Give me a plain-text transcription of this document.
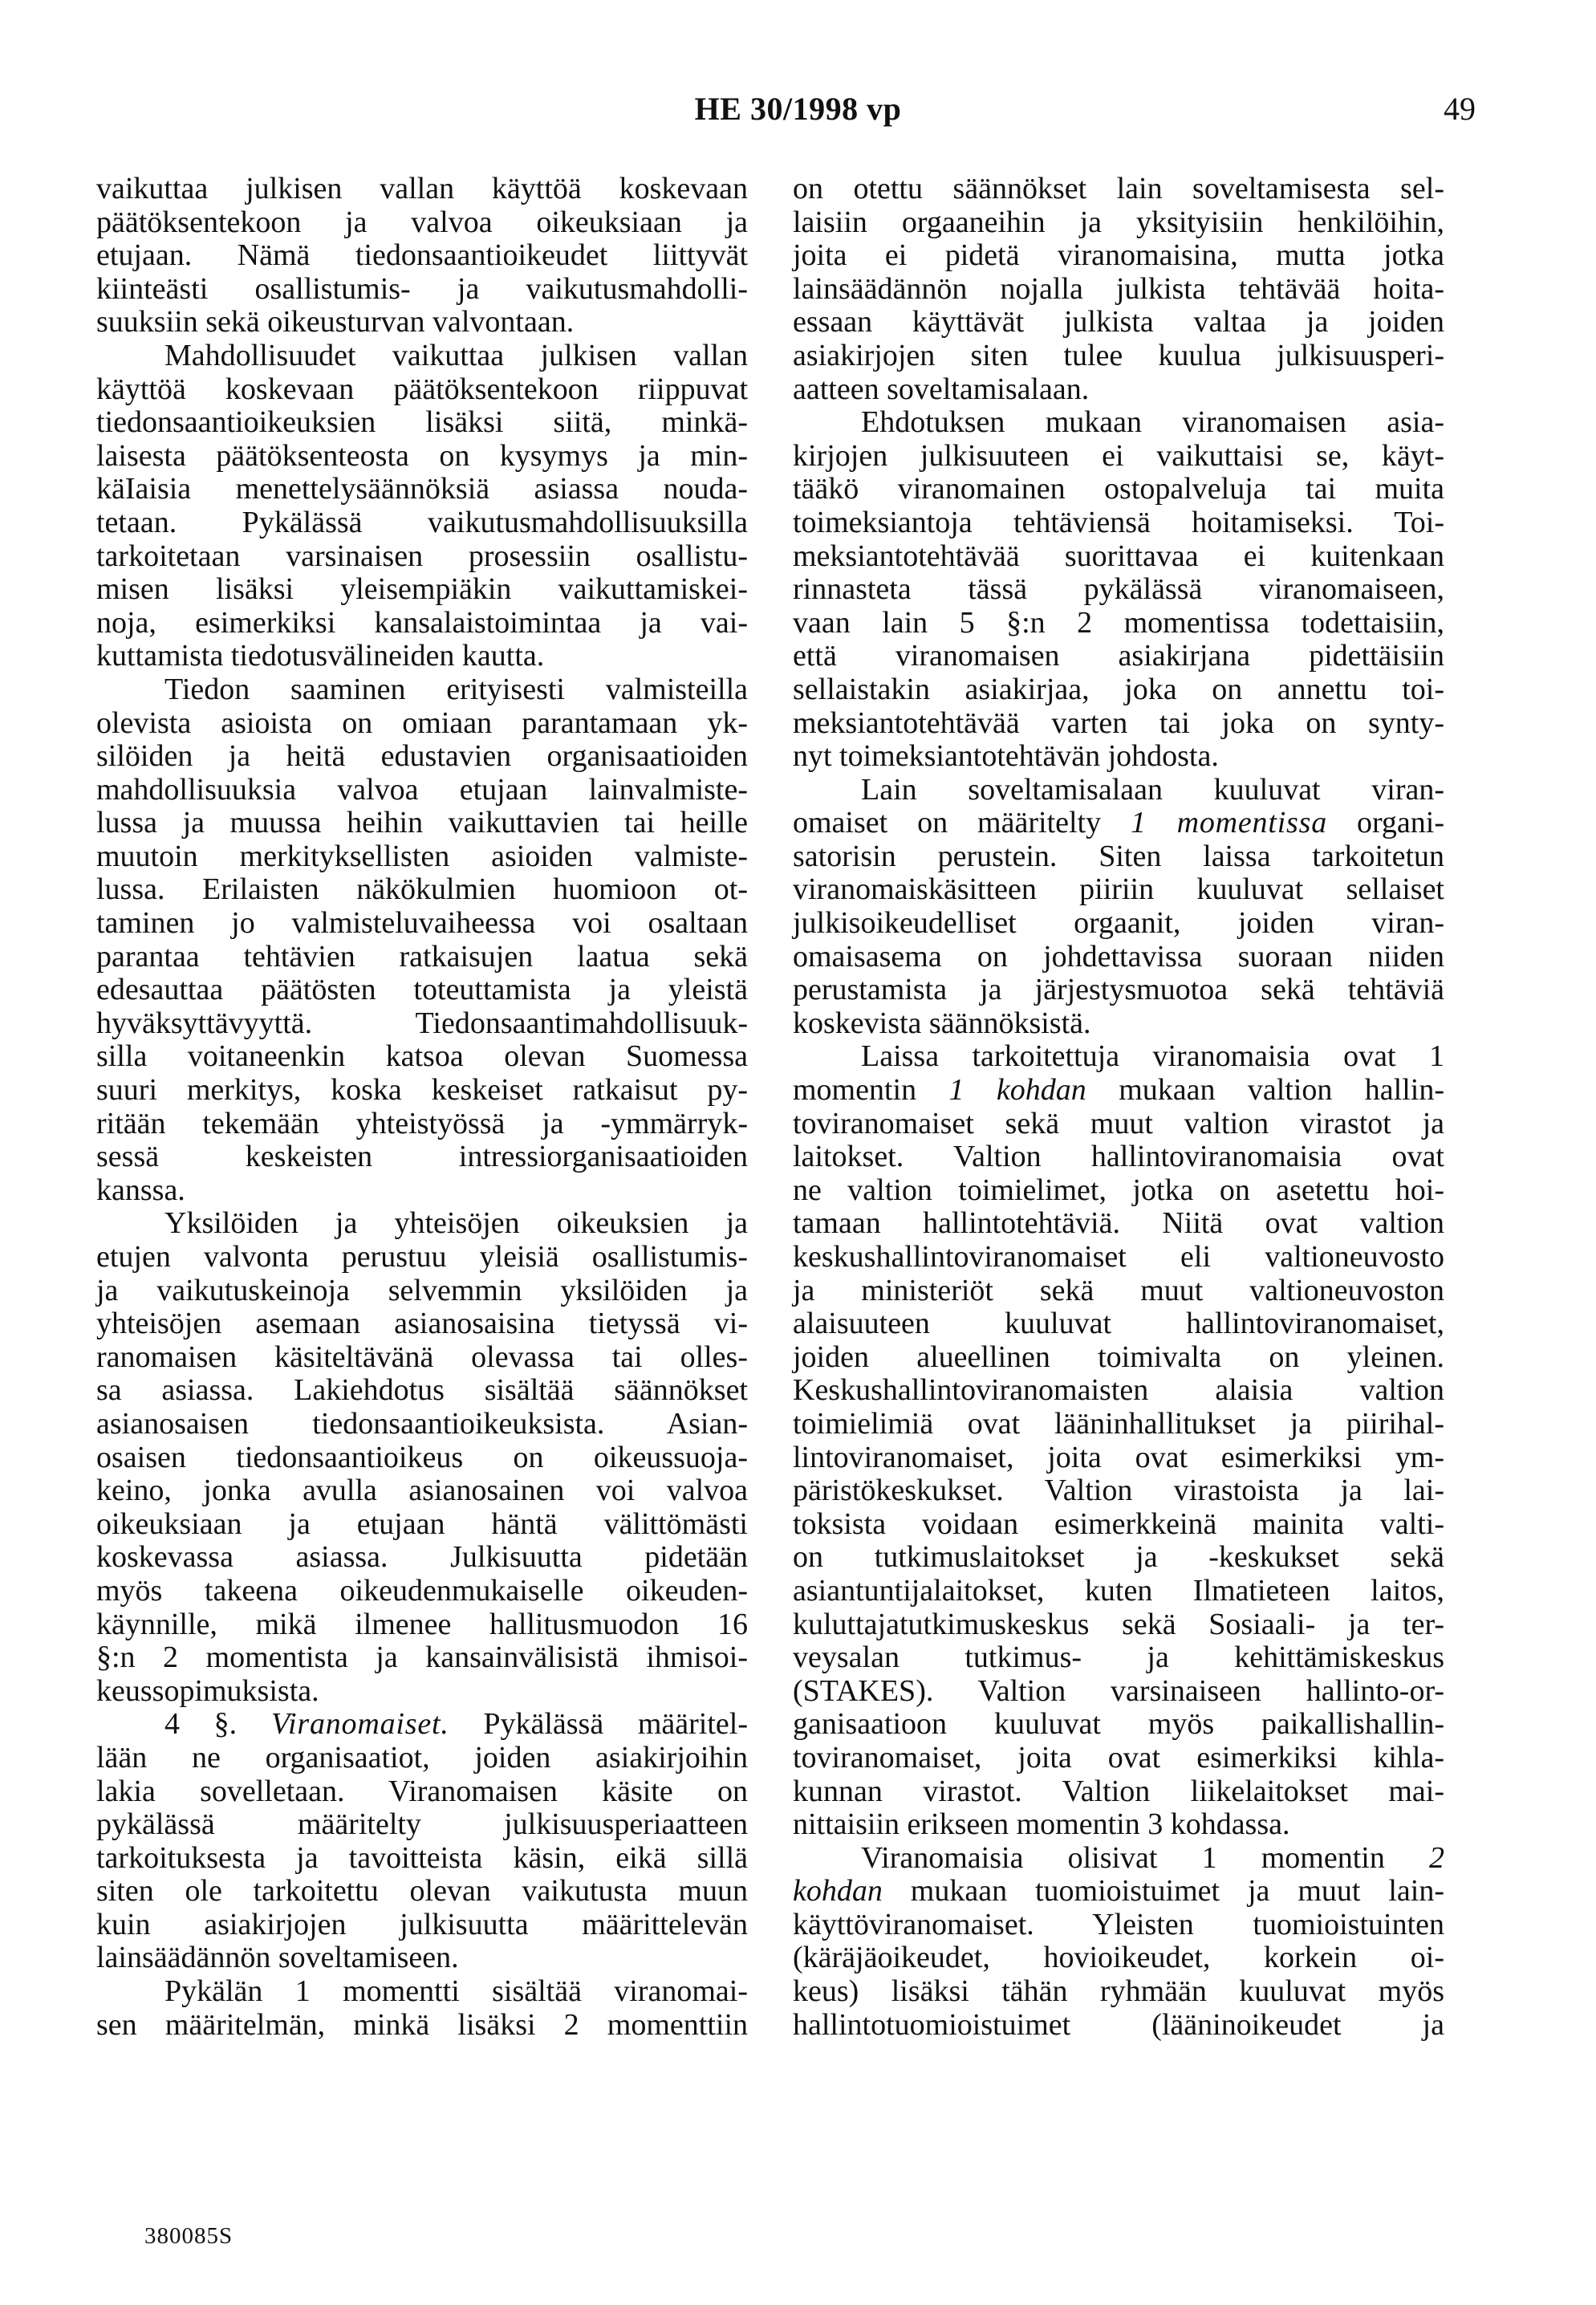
HE 30/1998 vp	49

vaikuttaa julkisen vallan käyttöä koskevaan

päätöksentekoon ja valvoa oikeuksiaan ja

etujaan. Nämä tiedonsaantioikeudet liittyvät

kiinteästi osallistumis- ja vaikutusmahdolli-

suuksiin sekä oikeusturvan valvontaan.

Mahdollisuudet vaikuttaa julkisen vallan

käyttöä koskevaan päätöksentekoon riippuvat

tiedonsaantioikeuksien lisäksi siitä, minkä-

laisesta päätöksenteosta on kysymys ja min-

käIaisia menettelysäännöksiä asiassa nouda-

tetaan. Pykälässä vaikutusmahdollisuuksilla

tarkoitetaan varsinaisen prosessiin osallistu-

misen lisäksi yleisempiäkin vaikuttamiskei-

noja, esimerkiksi kansalaistoimintaa ja vai-

kuttamista tiedotusvälineiden kautta.

Tiedon saaminen erityisesti valmisteilla

olevista asioista on omiaan parantamaan yk-

silöiden ja heitä edustavien organisaatioiden

mahdollisuuksia valvoa etujaan lainvalmiste-

lussa ja muussa heihin vaikuttavien tai heille

muutoin merkityksellisten asioiden valmiste-

lussa. Erilaisten näkökulmien huomioon ot-

taminen jo valmisteluvaiheessa voi osaltaan

parantaa tehtävien ratkaisujen laatua sekä

edesauttaa päätösten toteuttamista ja yleistä

hyväksyttävyyttä. Tiedonsaantimahdollisuuk-

silla voitaneenkin katsoa olevan Suomessa

suuri merkitys, koska keskeiset ratkaisut py-

ritään tekemään yhteistyössä ja -ymmärryk-

sessä keskeisten intressiorganisaatioiden

kanssa.

Yksilöiden ja yhteisöjen oikeuksien ja

etujen valvonta perustuu yleisiä osallistumis-

ja vaikutuskeinoja selvemmin yksilöiden ja

yhteisöjen asemaan asianosaisina tietyssä vi-

ranomaisen käsiteltävänä olevassa tai olles-

sa asiassa. Lakiehdotus sisältää säännökset

asianosaisen tiedonsaantioikeuksista. Asian-

osaisen tiedonsaantioikeus on oikeussuoja-

keino, jonka avulla asianosainen voi valvoa

oikeuksiaan ja etujaan häntä välittömästi

koskevassa asiassa. Julkisuutta pidetään

myös takeena oikeudenmukaiselle oikeuden-

käynnille, mikä ilmenee hallitusmuodon 16

§:n 2 momentista ja kansainvälisistä ihmisoi-

keussopimuksista.

4 §. Viranomaiset. Pykälässä määritel-

lään ne organisaatiot, joiden asiakirjoihin

lakia sovelletaan. Viranomaisen käsite on

pykälässä määritelty julkisuusperiaatteen

tarkoituksesta ja tavoitteista käsin, eikä sillä

siten ole tarkoitettu olevan vaikutusta muun

kuin asiakirjojen julkisuutta määrittelevän

lainsäädännön soveltamiseen.

Pykälän 1 momentti sisältää viranomai-

sen määritelmän, minkä lisäksi 2 momenttiin

on otettu säännökset lain soveltamisesta sel-

laisiin orgaaneihin ja yksityisiin henkilöihin,

joita ei pidetä viranomaisina, mutta jotka

lainsäädännön nojalla julkista tehtävää hoita-

essaan käyttävät julkista valtaa ja joiden

asiakirjojen siten tulee kuulua julkisuusperi-

aatteen soveltamisalaan.

Ehdotuksen mukaan viranomaisen asia-

kirjojen julkisuuteen ei vaikuttaisi se, käyt-

tääkö viranomainen ostopalveluja tai muita

toimeksiantoja tehtäviensä hoitamiseksi. Toi-

meksiantotehtävää suorittavaa ei kuitenkaan

rinnasteta tässä pykälässä viranomaiseen,

vaan lain 5 §:n 2 momentissa todettaisiin,

että viranomaisen asiakirjana pidettäisiin

sellaistakin asiakirjaa, joka on annettu toi-

meksiantotehtävää varten tai joka on synty-

nyt toimeksiantotehtävän johdosta.

Lain soveltamisalaan kuuluvat viran-

omaiset on määritelty 1 momentissa organi-

satorisin perustein. Siten laissa tarkoitetun

viranomaiskäsitteen piiriin kuuluvat sellaiset

julkisoikeudelliset orgaanit, joiden viran-

omaisasema on johdettavissa suoraan niiden

perustamista ja järjestysmuotoa sekä tehtäviä

koskevista säännöksistä.

Laissa tarkoitettuja viranomaisia ovat 1

momentin 1 kohdan mukaan valtion hallin-

toviranomaiset sekä muut valtion virastot ja

laitokset. Valtion hallintoviranomaisia ovat

ne valtion toimielimet, jotka on asetettu hoi-

tamaan hallintotehtäviä. Niitä ovat valtion

keskushallintoviranomaiset eli valtioneuvosto

ja ministeriöt sekä muut valtioneuvoston

alaisuuteen kuuluvat hallintoviranomaiset,

joiden alueellinen toimivalta on yleinen.

Keskushallintoviranomaisten alaisia valtion

toimielimiä ovat lääninhallitukset ja piirihal-

lintoviranomaiset, joita ovat esimerkiksi ym-

päristökeskukset. Valtion virastoista ja lai-

toksista voidaan esimerkkeinä mainita valti-

on tutkimuslaitokset ja -keskukset sekä

asiantuntijalaitokset, kuten Ilmatieteen laitos,

kuluttajatutkimuskeskus sekä Sosiaali- ja ter-

veysalan tutkimus- ja kehittämiskeskus

(STAKES). Valtion varsinaiseen hallinto-or-

ganisaatioon kuuluvat myös paikallishallin-

toviranomaiset, joita ovat esimerkiksi kihla-

kunnan virastot. Valtion liikelaitokset mai-

nittaisiin erikseen momentin 3 kohdassa.

Viranomaisia olisivat 1 momentin 2

kohdan mukaan tuomioistuimet ja muut lain-

käyttöviranomaiset. Yleisten tuomioistuinten

(käräjäoikeudet, hovioikeudet, korkein oi-

keus) lisäksi tähän ryhmään kuuluvat myös

hallintotuomioistuimet (lääninoikeudet ja

380085S
